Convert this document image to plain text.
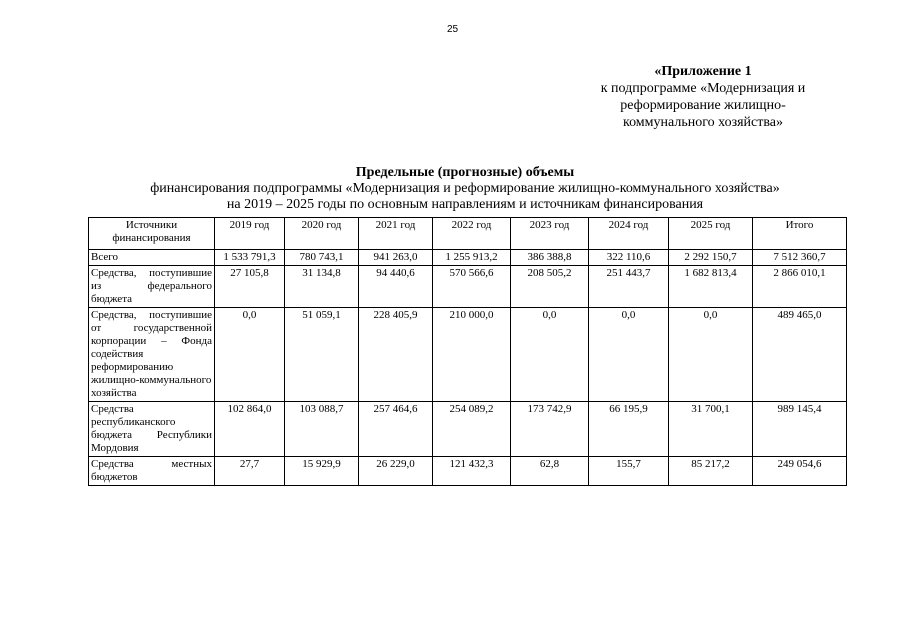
25
«Приложение 1
к подпрограмме «Модернизация и
реформирование жилищно-
коммунального хозяйства»
Предельные (прогнозные) объемы
финансирования подпрограммы «Модернизация и реформирование жилищно-коммунального хозяйства»
на 2019 – 2025 годы по основным направлениям и источникам финансирования
Источники финансирования	2019 год	2020 год	2021 год	2022 год	2023 год	2024 год	2025 год	Итого
Всего	1 533 791,3	780 743,1	941 263,0	1 255 913,2	386 388,8	322 110,6	2 292 150,7	7 512 360,7
Средства, поступившие из федерального бюджета	27 105,8	31 134,8	94 440,6	570 566,6	208 505,2	251 443,7	1 682 813,4	2 866 010,1
Средства, поступившие от государственной корпорации – Фонда содействия реформированию жилищно-коммунального хозяйства	0,0	51 059,1	228 405,9	210 000,0	0,0	0,0	0,0	489 465,0
Средства республиканского бюджета Республики Мордовия	102 864,0	103 088,7	257 464,6	254 089,2	173 742,9	66 195,9	31 700,1	989 145,4
Средства местных бюджетов	27,7	15 929,9	26 229,0	121 432,3	62,8	155,7	85 217,2	249 054,6
